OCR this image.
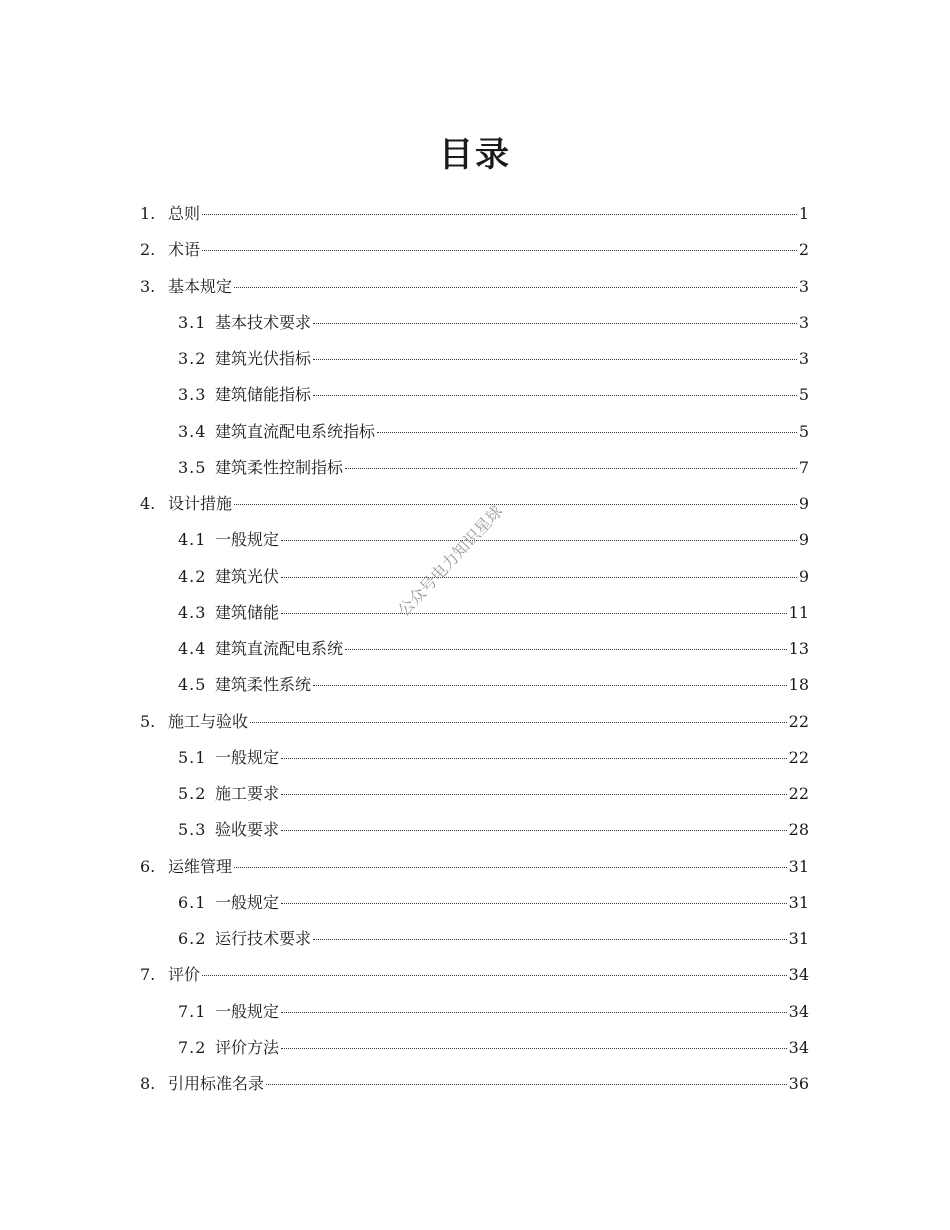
目录
1. 总则	1
2. 术语	2
3. 基本规定	3
3.1 基本技术要求	3
3.2 建筑光伏指标	3
3.3 建筑储能指标	5
3.4 建筑直流配电系统指标	5
3.5 建筑柔性控制指标	7
4. 设计措施	9
4.1 一般规定	9
4.2 建筑光伏	9
4.3 建筑储能	11
4.4 建筑直流配电系统	13
4.5 建筑柔性系统	18
5. 施工与验收	22
5.1 一般规定	22
5.2 施工要求	22
5.3 验收要求	28
6. 运维管理	31
6.1 一般规定	31
6.2 运行技术要求	31
7. 评价	34
7.1 一般规定	34
7.2 评价方法	34
8. 引用标准名录	36
公众号电力知识星球
